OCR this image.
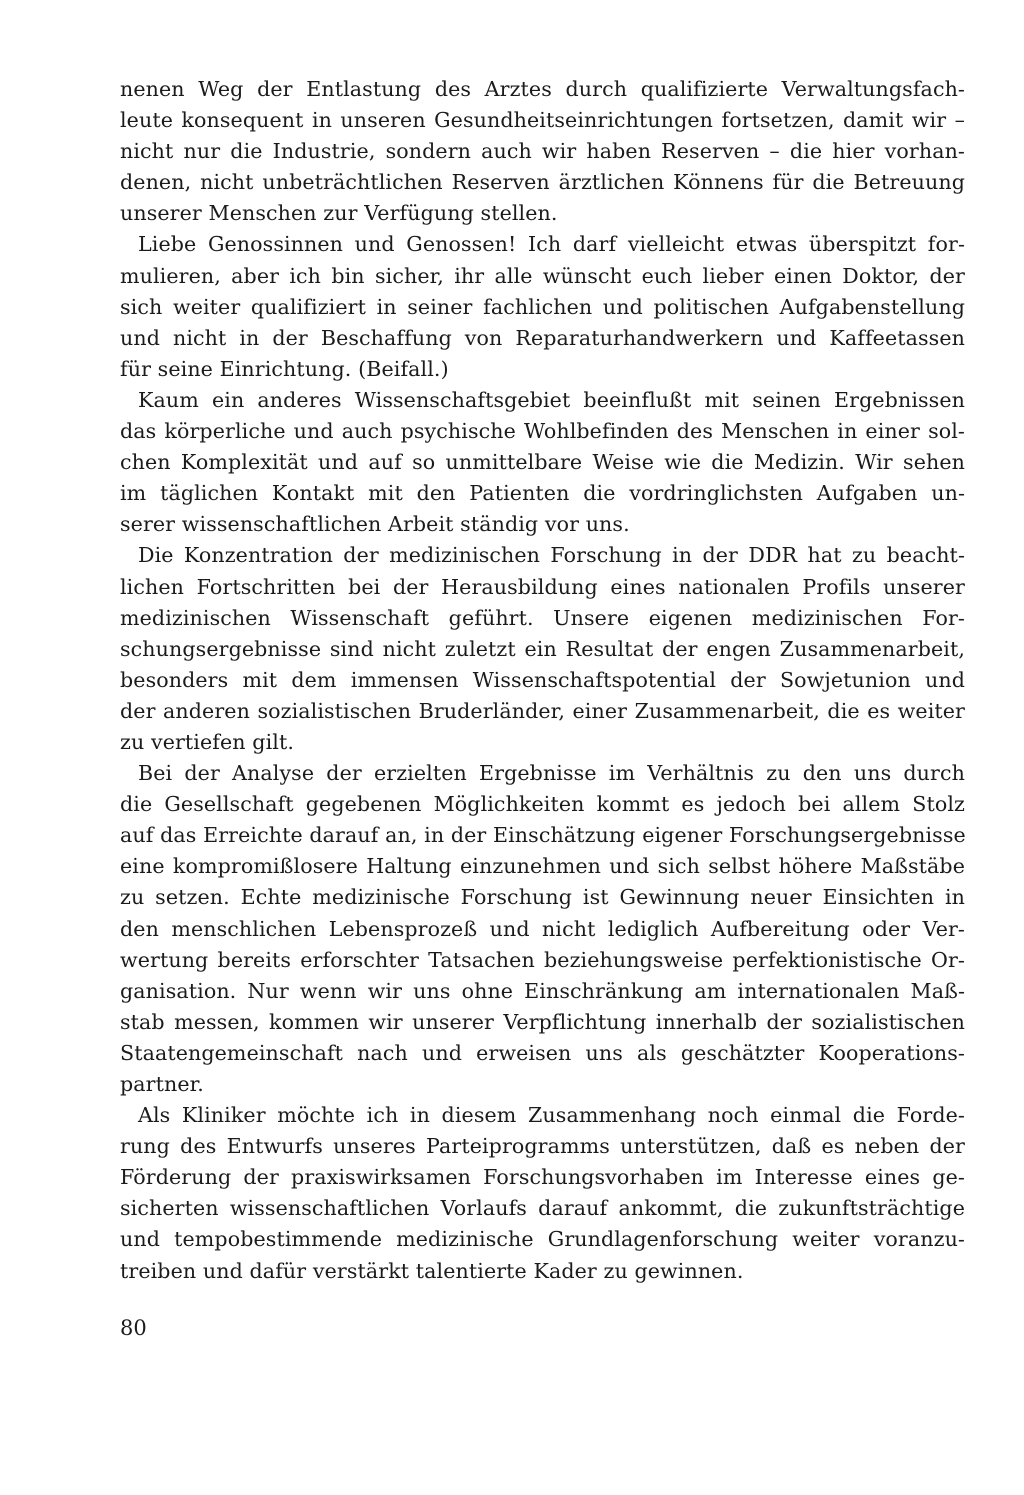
nenen Weg der Entlastung des Arztes durch qualifizierte Verwaltungsfach-
leute konsequent in unseren Gesundheitseinrichtungen fortsetzen, damit wir –
nicht nur die Industrie, sondern auch wir haben Reserven – die hier vorhan-
denen, nicht unbeträchtlichen Reserven ärztlichen Könnens für die Betreuung
unserer Menschen zur Verfügung stellen.
Liebe Genossinnen und Genossen! Ich darf vielleicht etwas überspitzt for-
mulieren, aber ich bin sicher, ihr alle wünscht euch lieber einen Doktor, der
sich weiter qualifiziert in seiner fachlichen und politischen Aufgabenstellung
und nicht in der Beschaffung von Reparaturhandwerkern und Kaffeetassen
für seine Einrichtung. (Beifall.)
Kaum ein anderes Wissenschaftsgebiet beeinflußt mit seinen Ergebnissen
das körperliche und auch psychische Wohlbefinden des Menschen in einer sol-
chen Komplexität und auf so unmittelbare Weise wie die Medizin. Wir sehen
im täglichen Kontakt mit den Patienten die vordringlichsten Aufgaben un-
serer wissenschaftlichen Arbeit ständig vor uns.
Die Konzentration der medizinischen Forschung in der DDR hat zu beacht-
lichen Fortschritten bei der Herausbildung eines nationalen Profils unserer
medizinischen Wissenschaft geführt. Unsere eigenen medizinischen For-
schungsergebnisse sind nicht zuletzt ein Resultat der engen Zusammenarbeit,
besonders mit dem immensen Wissenschaftspotential der Sowjetunion und
der anderen sozialistischen Bruderländer, einer Zusammenarbeit, die es weiter
zu vertiefen gilt.
Bei der Analyse der erzielten Ergebnisse im Verhältnis zu den uns durch
die Gesellschaft gegebenen Möglichkeiten kommt es jedoch bei allem Stolz
auf das Erreichte darauf an, in der Einschätzung eigener Forschungsergebnisse
eine kompromißlosere Haltung einzunehmen und sich selbst höhere Maßstäbe
zu setzen. Echte medizinische Forschung ist Gewinnung neuer Einsichten in
den menschlichen Lebensprozeß und nicht lediglich Aufbereitung oder Ver-
wertung bereits erforschter Tatsachen beziehungsweise perfektionistische Or-
ganisation. Nur wenn wir uns ohne Einschränkung am internationalen Maß-
stab messen, kommen wir unserer Verpflichtung innerhalb der sozialistischen
Staatengemeinschaft nach und erweisen uns als geschätzter Kooperations-
partner.
Als Kliniker möchte ich in diesem Zusammenhang noch einmal die Forde-
rung des Entwurfs unseres Parteiprogramms unterstützen, daß es neben der
Förderung der praxiswirksamen Forschungsvorhaben im Interesse eines ge-
sicherten wissenschaftlichen Vorlaufs darauf ankommt, die zukunftsträchtige
und tempobestimmende medizinische Grundlagenforschung weiter voranzu-
treiben und dafür verstärkt talentierte Kader zu gewinnen.
80
